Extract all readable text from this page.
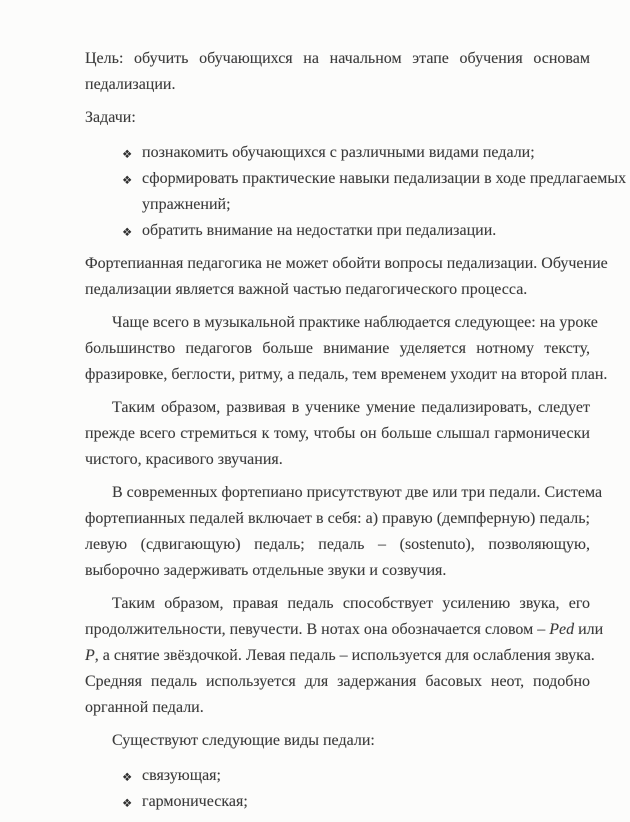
Цель: обучить обучающихся на начальном этапе обучения основам
педализации.
Задачи:
❖ познакомить обучающихся с различными видами педали;
❖ сформировать практические навыки педализации в ходе предлагаемых
упражнений;
❖ обратить внимание на недостатки при педализации.
Фортепианная педагогика не может обойти вопросы педализации. Обучение
педализации является важной частью педагогического процесса.
Чаще всего в музыкальной практике наблюдается следующее: на уроке
большинство педагогов больше внимание уделяется нотному тексту,
фразировке, беглости, ритму, а педаль, тем временем уходит на второй план.
Таким образом, развивая в ученике умение педализировать, следует
прежде всего стремиться к тому, чтобы он больше слышал гармонически
чистого, красивого звучания.
В современных фортепиано присутствуют две или три педали. Система
фортепианных педалей включает в себя: а) правую (демпферную) педаль;
левую (сдвигающую) педаль; педаль – (sostenuto), позволяющую,
выборочно задерживать отдельные звуки и созвучия.
Таким образом, правая педаль способствует усилению звука, его
продолжительности, певучести. В нотах она обозначается словом – Ped или
P, а снятие звёздочкой. Левая педаль – используется для ослабления звука.
Средняя педаль используется для задержания басовых неот, подобно
органной педали.
Существуют следующие виды педали:
❖ связующая;
❖ гармоническая;
